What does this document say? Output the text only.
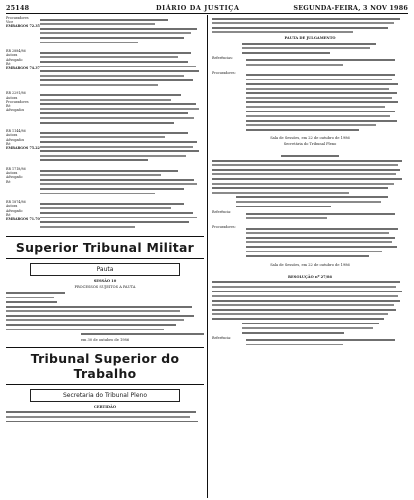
25148	DIÁRIO DA JUSTIÇA	SEGUNDA-FEIRA, 3 NOV 1986
Procuradores
Vice
EMBARGOS 72.35
RR 2884/86
Autora
Advogado
Ré
EMBARGOS 74.37
RR 2291/86
Autora
Procuradores
Ré
Advogados
RR 1144/86
Autora
Advogados
Ré
EMBARGOS 75.22
RR 1718/86
Autora
Advogado
Ré
RR 1874/86
Autora
Advogado
Ré
EMBARGOS 71.70
Superior Tribunal Militar
Pauta
SESSÃO 10
PROCESSOS SUJEITOS A PAUTA
em 30 de outubro de 1986
Tribunal Superior do Trabalho
Secretaria do Tribunal Pleno
CERTIDÃO
PAUTA DE JULGAMENTO
Referências:
Procuradores:
Sala de Sessões, em 22 de outubro de 1986
Secretária do Tribunal Pleno
Referência:
Procuradores:
Sala de Sessões, em 22 de outubro de 1986
RESOLUÇÃO nº 27/86
Referência:
